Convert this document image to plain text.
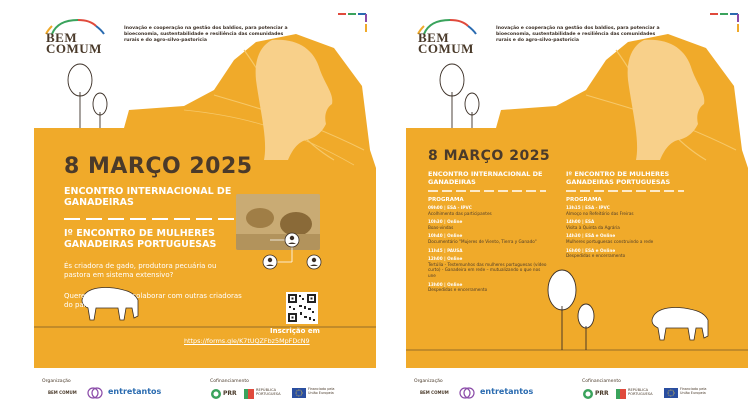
BEM
COMUM
Inovação e cooperação na gestão dos baldios, para potenciar a bioeconomia, sustentabilidade e resiliência das comunidades rurais e do agro-silvo-pastoricia
8 MARÇO 2025
ENCONTRO INTERNACIONAL DE GANADEIRAS
Iº ENCONTRO DE MULHERES GANADEIRAS PORTUGUESAS
És criadora de gado, produtora pecuária ou pastora em sistema extensivo?
Queres conhecer e colaborar com outras criadoras do país?
Inscrição em
https://forms.gle/K7tUQZFbz5MpFDcN9
Organização
BEM COMUM	entretantos
Cofinanciamento
PRR	REPÚBLICA PORTUGUESA
Financiado pela União Europeia
BEM
COMUM
Inovação e cooperação na gestão dos baldios, para potenciar a bioeconomia, sustentabilidade e resiliência das comunidades rurais e do agro-silvo-pastoricia
8 MARÇO 2025
ENCONTRO INTERNACIONAL DE GANADEIRAS
Iº ENCONTRO DE MULHERES GANADEIRAS PORTUGUESAS
PROGRAMA
09h00 | ESA - IPVC
Acolhimento das participantes
10h30 | Online
Boas-vindas
10h40 | Online
Documentário "Mujeres de Viento, Tierra y Ganado"
11h45 | PAUSA
12h00 | Online
Tertúlia - Testemunhos das mulheres portuguesas (vídeo curto) - Ganadeira em rede – mutualizando o que nos une
13h00 | Online
Despedidas e encerramento
PROGRAMA
13h15 | ESA - IPVC
Almoço no Refeitório das Freiras
14h00 | ESA
Visita à Quinta da Agrária
14h30 | ESA e Online
Mulheres portuguesas construindo a rede
16h00 | ESA e Online
Despedidas e encerramento
Organização
BEM COMUM	entretantos
Cofinanciamento
PRR	REPÚBLICA PORTUGUESA
Financiado pela União Europeia
